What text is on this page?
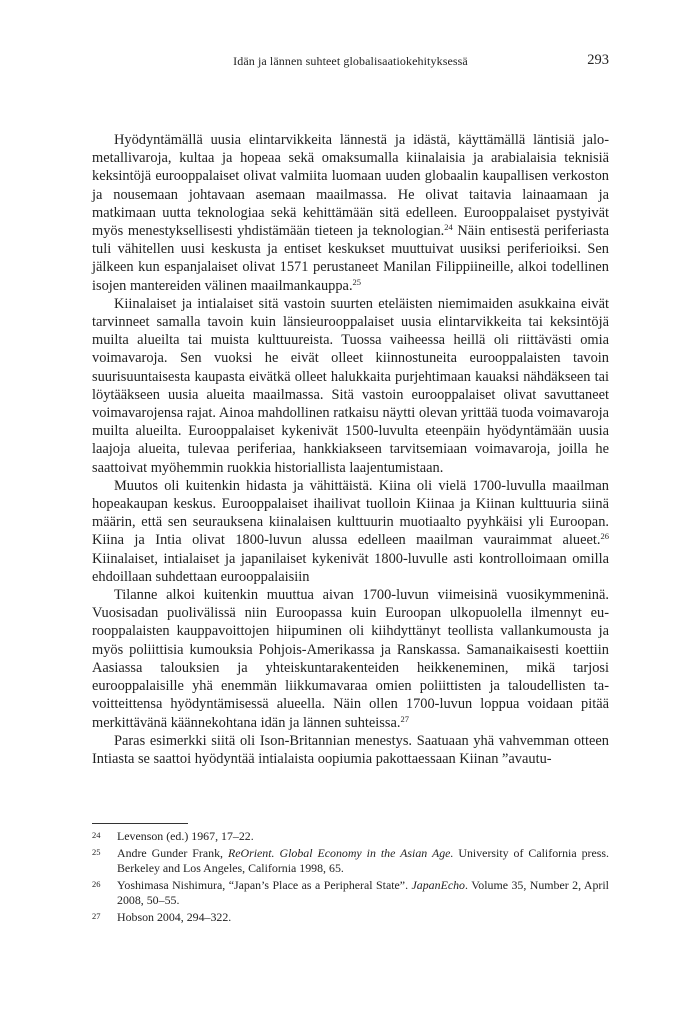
Idän ja lännen suhteet globalisaatiokehityksessä	293

Hyödyntämällä uusia elintarvikkeita lännestä ja idästä, käyttämällä läntisiä jalometallivaroja, kultaa ja hopeaa sekä omaksumalla kiinalaisia ja arabialaisia teknisiä keksintöjä eurooppalaiset olivat valmiita luomaan uuden globaalin kaupallisen verkoston ja nousemaan johtavaan asemaan maailmassa. He olivat taitavia lainaamaan ja matkimaan uutta teknologiaa sekä kehittämään sitä edelleen. Eurooppalaiset pystyivät myös menestyksellisesti yhdistämään tieteen ja teknologian.$^{24}$ Näin entisestä periferiasta tuli vähitellen uusi keskusta ja entiset keskukset muuttuivat uusiksi periferioiksi. Sen jälkeen kun espanjalaiset olivat 1571 perustaneet Manilan Filippiineille, alkoi todellinen isojen mantereiden välinen maailmankauppa.$^{25}$

Kiinalaiset ja intialaiset sitä vastoin suurten eteläisten niemimaiden asukkaina eivät tarvinneet samalla tavoin kuin länsieurooppalaiset uusia elintarvikkeita tai keksintöjä muilta alueilta tai muista kulttuureista. Tuossa vaiheessa heillä oli riittävästi omia voimavaroja. Sen vuoksi he eivät olleet kiinnostuneita eurooppalaisten tavoin suurisuuntaisesta kaupasta eivätkä olleet halukkaita purjehtimaan kauaksi nähdäkseen tai löytääkseen uusia alueita maailmassa. Sitä vastoin eurooppalaiset olivat savuttaneet voimavarojensa rajat. Ainoa mahdollinen ratkaisu näytti olevan yrittää tuoda voimavaroja muilta alueilta. Eurooppalaiset kykenivät 1500-luvulta eteenpäin hyödyntämään uusia laajoja alueita, tulevaa periferiaa, hankkiakseen tarvitsemiaan voimavaroja, joilla he saattoivat myöhemmin ruokkia historiallista laajentumistaan.

Muutos oli kuitenkin hidasta ja vähittäistä. Kiina oli vielä 1700-luvulla maailman hopeakaupan keskus. Eurooppalaiset ihailivat tuolloin Kiinaa ja Kiinan kulttuuria siinä määrin, että sen seurauksena kiinalaisen kulttuurin muotiaalto pyyhkäisi yli Euroopan. Kiina ja Intia olivat 1800-luvun alussa edelleen maailman vauraimmat alueet.$^{26}$ Kiinalaiset, intialaiset ja japanilaiset kykenivät 1800-luvulle asti kontrolloimaan omilla ehdoillaan suhdettaan eurooppalaisiin

Tilanne alkoi kuitenkin muuttua aivan 1700-luvun viimeisinä vuosikymmeninä. Vuosisadan puolivälissä niin Euroopassa kuin Euroopan ulkopuolella ilmennyt eurooppalaisten kauppavoittojen hiipuminen oli kiihdyttänyt teollista vallankumousta ja myös poliittisia kumouksia Pohjois-Amerikassa ja Ranskassa. Samanaikaisesti koettiin Aasiassa talouksien ja yhteiskuntarakenteiden heikkeneminen, mikä tarjosi eurooppalaisille yhä enemmän liikkumavaraa omien poliittisten ja taloudellisten tavoitteittensa hyödyntämisessä alueella. Näin ollen 1700-luvun loppua voidaan pitää merkittävänä käännekohtana idän ja lännen suhteissa.$^{27}$

Paras esimerkki siitä oli Ison-Britannian menestys. Saatuaan yhä vahvemman otteen Intiasta se saattoi hyödyntää intialaista oopiumia pakottaessaan Kiinan ”avautu-

24 Levenson (ed.) 1967, 17–22.
25 Andre Gunder Frank, ReOrient. Global Economy in the Asian Age. University of California press. Berkeley and Los Angeles, California 1998, 65.
26 Yoshimasa Nishimura, “Japan’s Place as a Peripheral State”. JapanEcho. Volume 35, Number 2, April 2008, 50–55.
27 Hobson 2004, 294–322.
